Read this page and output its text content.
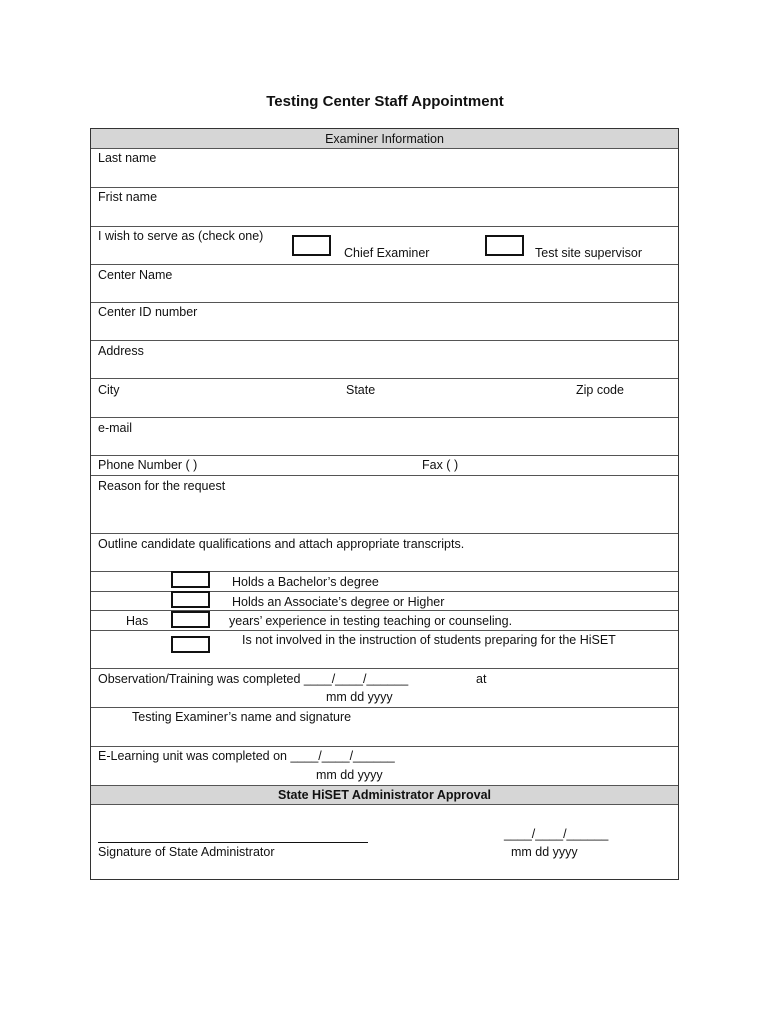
Testing Center Staff Appointment
Examiner Information
Last name
Frist name
I wish to serve as (check one)
Chief Examiner	Test site supervisor
Center Name
Center ID number
Address
City	State	Zip code
e-mail
Phone Number ( )	Fax ( )
Reason for the request
Outline candidate qualifications and attach appropriate transcripts.
Holds a Bachelor’s degree
Holds an Associate’s degree or Higher
Has	years’ experience in testing teaching or counseling.
Is not involved in the instruction of students preparing for the HiSET
Observation/Training was completed ____/____/______	at
mm dd yyyy
Testing Examiner’s name and signature
E-Learning unit was completed on ____/____/______
mm dd yyyy
State HiSET Administrator Approval
Signature of State Administrator
____/____/______
mm dd yyyy
